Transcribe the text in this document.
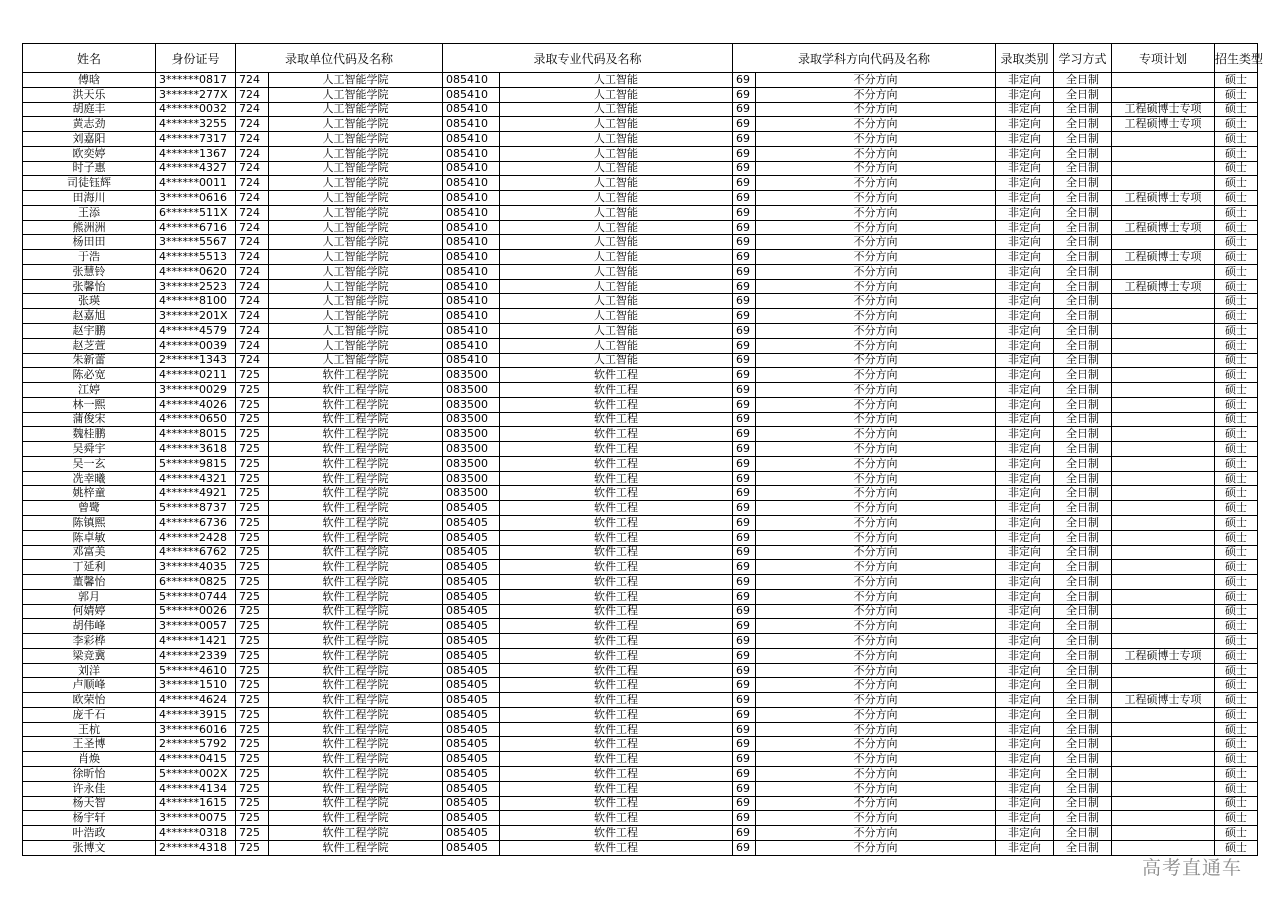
姓名	身份证号	录取单位代码及名称		录取专业代码及名称		录取学科方向代码及名称		录取类别	学习方式	专项计划	招生类型
傅晗	3******0817	724	人工智能学院	085410	人工智能	69	不分方向	非定向	全日制		硕士
洪天乐	3******277X	724	人工智能学院	085410	人工智能	69	不分方向	非定向	全日制		硕士
胡庭丰	4******0032	724	人工智能学院	085410	人工智能	69	不分方向	非定向	全日制	工程硕博士专项	硕士
黄志劲	4******3255	724	人工智能学院	085410	人工智能	69	不分方向	非定向	全日制	工程硕博士专项	硕士
刘嘉阳	4******7317	724	人工智能学院	085410	人工智能	69	不分方向	非定向	全日制		硕士
欧奕婷	4******1367	724	人工智能学院	085410	人工智能	69	不分方向	非定向	全日制		硕士
时子惠	4******4327	724	人工智能学院	085410	人工智能	69	不分方向	非定向	全日制		硕士
司徒钰辉	4******0011	724	人工智能学院	085410	人工智能	69	不分方向	非定向	全日制		硕士
田海川	3******0616	724	人工智能学院	085410	人工智能	69	不分方向	非定向	全日制	工程硕博士专项	硕士
王添	6******511X	724	人工智能学院	085410	人工智能	69	不分方向	非定向	全日制		硕士
熊洲洲	4******6716	724	人工智能学院	085410	人工智能	69	不分方向	非定向	全日制	工程硕博士专项	硕士
杨田田	3******5567	724	人工智能学院	085410	人工智能	69	不分方向	非定向	全日制		硕士
于浩	4******5513	724	人工智能学院	085410	人工智能	69	不分方向	非定向	全日制	工程硕博士专项	硕士
张慧铃	4******0620	724	人工智能学院	085410	人工智能	69	不分方向	非定向	全日制		硕士
张馨怡	3******2523	724	人工智能学院	085410	人工智能	69	不分方向	非定向	全日制	工程硕博士专项	硕士
张瑛	4******8100	724	人工智能学院	085410	人工智能	69	不分方向	非定向	全日制		硕士
赵嘉旭	3******201X	724	人工智能学院	085410	人工智能	69	不分方向	非定向	全日制		硕士
赵宇鹏	4******4579	724	人工智能学院	085410	人工智能	69	不分方向	非定向	全日制		硕士
赵芝萱	4******0039	724	人工智能学院	085410	人工智能	69	不分方向	非定向	全日制		硕士
朱新蕾	2******1343	724	人工智能学院	085410	人工智能	69	不分方向	非定向	全日制		硕士
陈必宽	4******0211	725	软件工程学院	083500	软件工程	69	不分方向	非定向	全日制		硕士
江婷	3******0029	725	软件工程学院	083500	软件工程	69	不分方向	非定向	全日制		硕士
林一熙	4******4026	725	软件工程学院	083500	软件工程	69	不分方向	非定向	全日制		硕士
蒲俊宋	4******0650	725	软件工程学院	083500	软件工程	69	不分方向	非定向	全日制		硕士
魏桂鹏	4******8015	725	软件工程学院	083500	软件工程	69	不分方向	非定向	全日制		硕士
吴舜宇	4******3618	725	软件工程学院	083500	软件工程	69	不分方向	非定向	全日制		硕士
吴一玄	5******9815	725	软件工程学院	083500	软件工程	69	不分方向	非定向	全日制		硕士
冼幸曦	4******4321	725	软件工程学院	083500	软件工程	69	不分方向	非定向	全日制		硕士
姚梓童	4******4921	725	软件工程学院	083500	软件工程	69	不分方向	非定向	全日制		硕士
曾鹭	5******8737	725	软件工程学院	085405	软件工程	69	不分方向	非定向	全日制		硕士
陈镇熙	4******6736	725	软件工程学院	085405	软件工程	69	不分方向	非定向	全日制		硕士
陈卓敏	4******2428	725	软件工程学院	085405	软件工程	69	不分方向	非定向	全日制		硕士
邓富美	4******6762	725	软件工程学院	085405	软件工程	69	不分方向	非定向	全日制		硕士
丁延利	3******4035	725	软件工程学院	085405	软件工程	69	不分方向	非定向	全日制		硕士
董馨怡	6******0825	725	软件工程学院	085405	软件工程	69	不分方向	非定向	全日制		硕士
郭月	5******0744	725	软件工程学院	085405	软件工程	69	不分方向	非定向	全日制		硕士
何婧婷	5******0026	725	软件工程学院	085405	软件工程	69	不分方向	非定向	全日制		硕士
胡伟峰	3******0057	725	软件工程学院	085405	软件工程	69	不分方向	非定向	全日制		硕士
李彩桦	4******1421	725	软件工程学院	085405	软件工程	69	不分方向	非定向	全日制		硕士
梁竞冀	4******2339	725	软件工程学院	085405	软件工程	69	不分方向	非定向	全日制	工程硕博士专项	硕士
刘洋	5******4610	725	软件工程学院	085405	软件工程	69	不分方向	非定向	全日制		硕士
卢顺峰	3******1510	725	软件工程学院	085405	软件工程	69	不分方向	非定向	全日制		硕士
欧荣怡	4******4624	725	软件工程学院	085405	软件工程	69	不分方向	非定向	全日制	工程硕博士专项	硕士
庞千石	4******3915	725	软件工程学院	085405	软件工程	69	不分方向	非定向	全日制		硕士
王杭	3******6016	725	软件工程学院	085405	软件工程	69	不分方向	非定向	全日制		硕士
王圣博	2******5792	725	软件工程学院	085405	软件工程	69	不分方向	非定向	全日制		硕士
肖焕	4******0415	725	软件工程学院	085405	软件工程	69	不分方向	非定向	全日制		硕士
徐昕怡	5******002X	725	软件工程学院	085405	软件工程	69	不分方向	非定向	全日制		硕士
许永佳	4******4134	725	软件工程学院	085405	软件工程	69	不分方向	非定向	全日制		硕士
杨天智	4******1615	725	软件工程学院	085405	软件工程	69	不分方向	非定向	全日制		硕士
杨宇轩	3******0075	725	软件工程学院	085405	软件工程	69	不分方向	非定向	全日制		硕士
叶浩政	4******0318	725	软件工程学院	085405	软件工程	69	不分方向	非定向	全日制		硕士
张博文	2******4318	725	软件工程学院	085405	软件工程	69	不分方向	非定向	全日制		硕士
高考直通车
